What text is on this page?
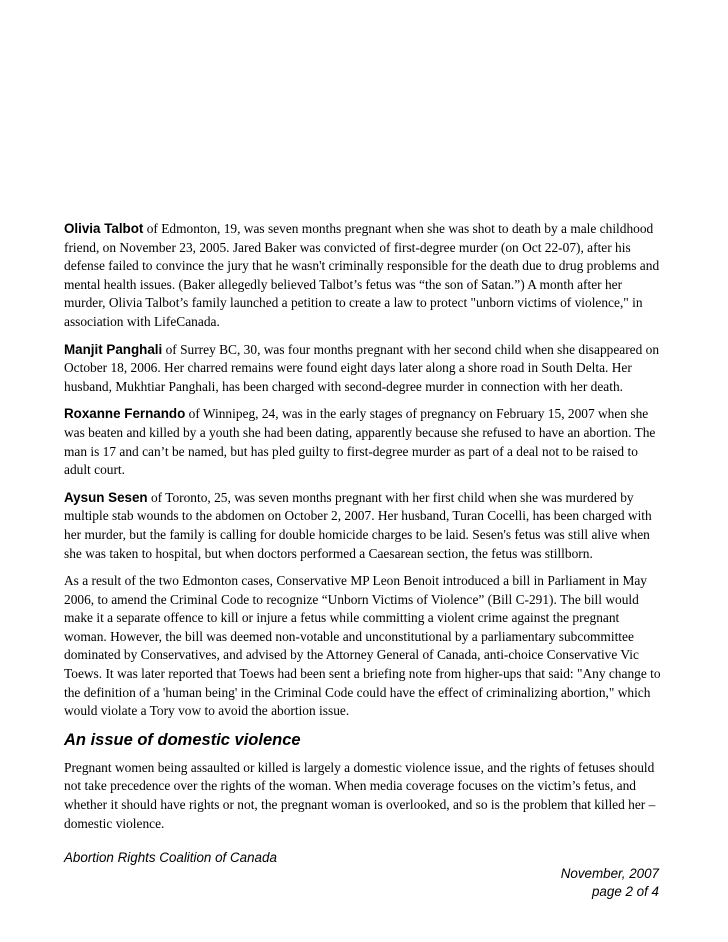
Olivia Talbot of Edmonton, 19, was seven months pregnant when she was shot to death by a male childhood friend, on November 23, 2005. Jared Baker was convicted of first-degree murder (on Oct 22-07), after his defense failed to convince the jury that he wasn't criminally responsible for the death due to drug problems and mental health issues. (Baker allegedly believed Talbot’s fetus was “the son of Satan.”) A month after her murder, Olivia Talbot’s family launched a petition to create a law to protect "unborn victims of violence," in association with LifeCanada.

Manjit Panghali of Surrey BC, 30, was four months pregnant with her second child when she disappeared on October 18, 2006. Her charred remains were found eight days later along a shore road in South Delta. Her husband, Mukhtiar Panghali, has been charged with second-degree murder in connection with her death.

Roxanne Fernando of Winnipeg, 24, was in the early stages of pregnancy on February 15, 2007 when she was beaten and killed by a youth she had been dating, apparently because she refused to have an abortion. The man is 17 and can’t be named, but has pled guilty to first-degree murder as part of a deal not to be raised to adult court.

Aysun Sesen of Toronto, 25, was seven months pregnant with her first child when she was murdered by multiple stab wounds to the abdomen on October 2, 2007. Her husband, Turan Cocelli, has been charged with her murder, but the family is calling for double homicide charges to be laid. Sesen's fetus was still alive when she was taken to hospital, but when doctors performed a Caesarean section, the fetus was stillborn.

As a result of the two Edmonton cases, Conservative MP Leon Benoit introduced a bill in Parliament in May 2006, to amend the Criminal Code to recognize “Unborn Victims of Violence” (Bill C-291). The bill would make it a separate offence to kill or injure a fetus while committing a violent crime against the pregnant woman. However, the bill was deemed non-votable and unconstitutional by a parliamentary subcommittee dominated by Conservatives, and advised by the Attorney General of Canada, anti-choice Conservative Vic Toews. It was later reported that Toews had been sent a briefing note from higher-ups that said: "Any change to the definition of a 'human being' in the Criminal Code could have the effect of criminalizing abortion," which would violate a Tory vow to avoid the abortion issue.

An issue of domestic violence

Pregnant women being assaulted or killed is largely a domestic violence issue, and the rights of fetuses should not take precedence over the rights of the woman. When media coverage focuses on the victim’s fetus, and whether it should have rights or not, the pregnant woman is overlooked, and so is the problem that killed her – domestic violence.

Abortion Rights Coalition of Canada
November, 2007
page 2 of 4
